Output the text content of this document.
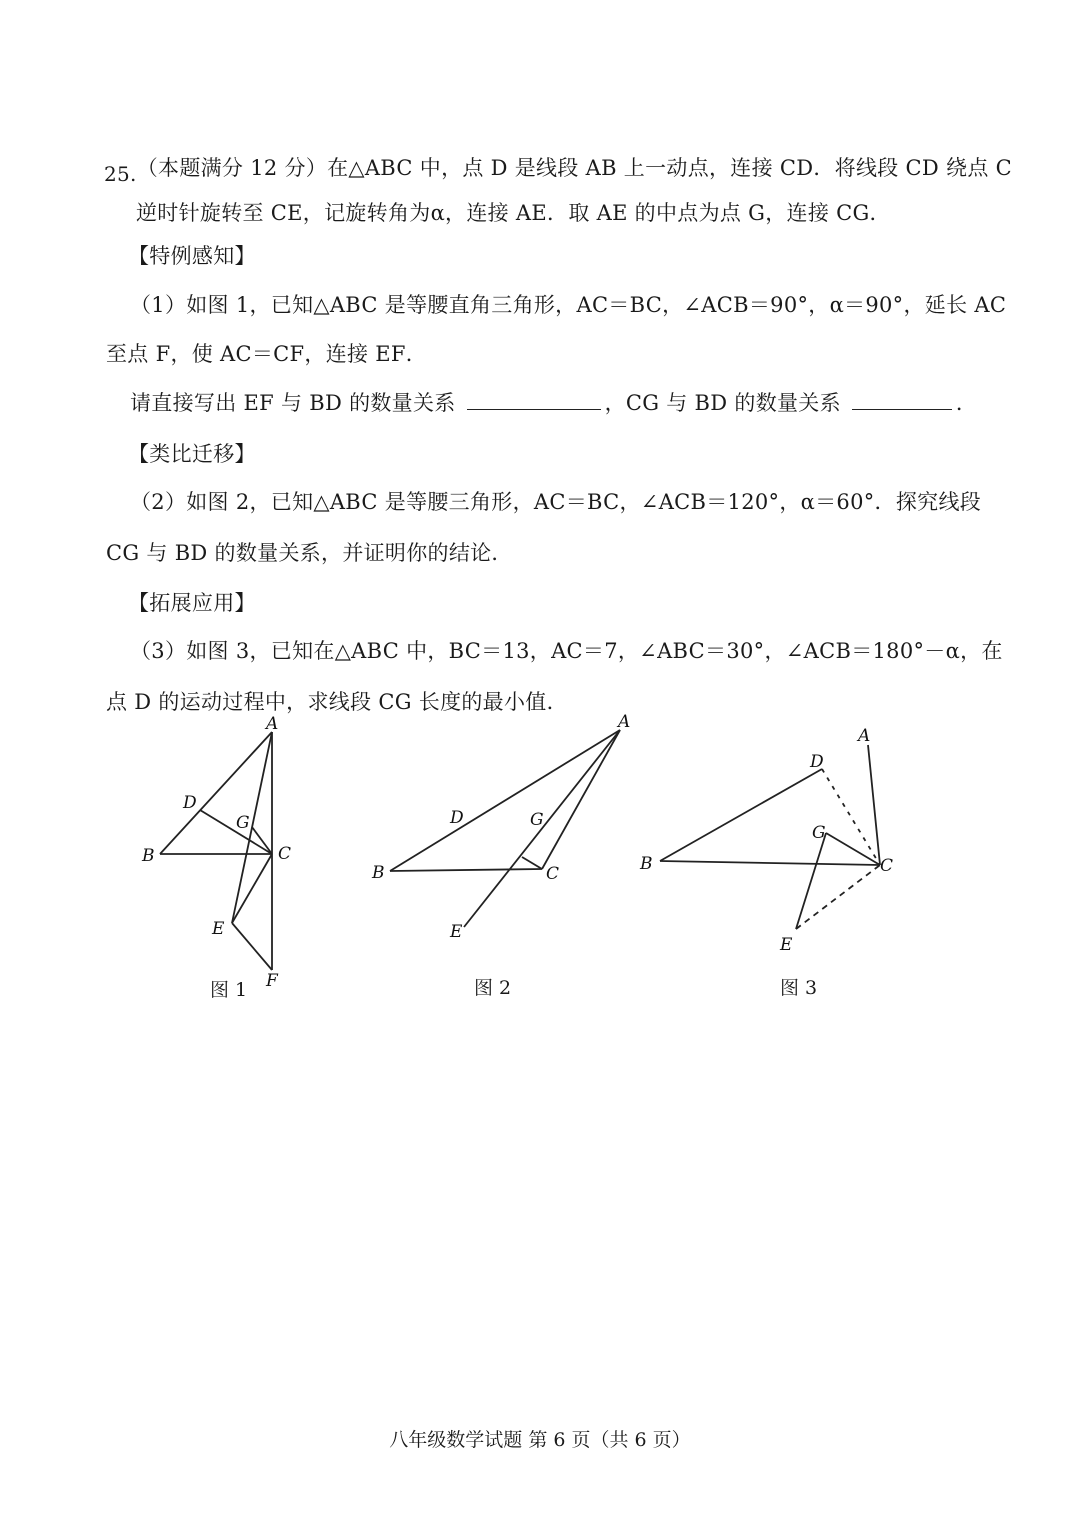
25.（本题满分 12 分）在△ABC 中，点 D 是线段 AB 上一动点，连接 CD．将线段 CD 绕点 C
逆时针旋转至 CE，记旋转角为α，连接 AE．取 AE 的中点为点 G，连接 CG．
【特例感知】
（1）如图 1，已知△ABC 是等腰直角三角形，AC＝BC，∠ACB＝90°，α＝90°，延长 AC
至点 F，使 AC＝CF，连接 EF．
请直接写出 EF 与 BD 的数量关系	，CG 与 BD 的数量关系	．
【类比迁移】
（2）如图 2，已知△ABC 是等腰三角形，AC＝BC，∠ACB＝120°，α＝60°．探究线段
CG 与 BD 的数量关系，并证明你的结论．
【拓展应用】
（3）如图 3，已知在△ABC 中，BC＝13，AC＝7，∠ABC＝30°，∠ACB＝180°－α，在
点 D 的运动过程中，求线段 CG 长度的最小值．
A
B	C
D
E
F
G
A
B	C
D
E
G
A
B	C
D
E
G
图 1	图 2	图 3
八年级数学试题 第 6 页（共 6 页）
